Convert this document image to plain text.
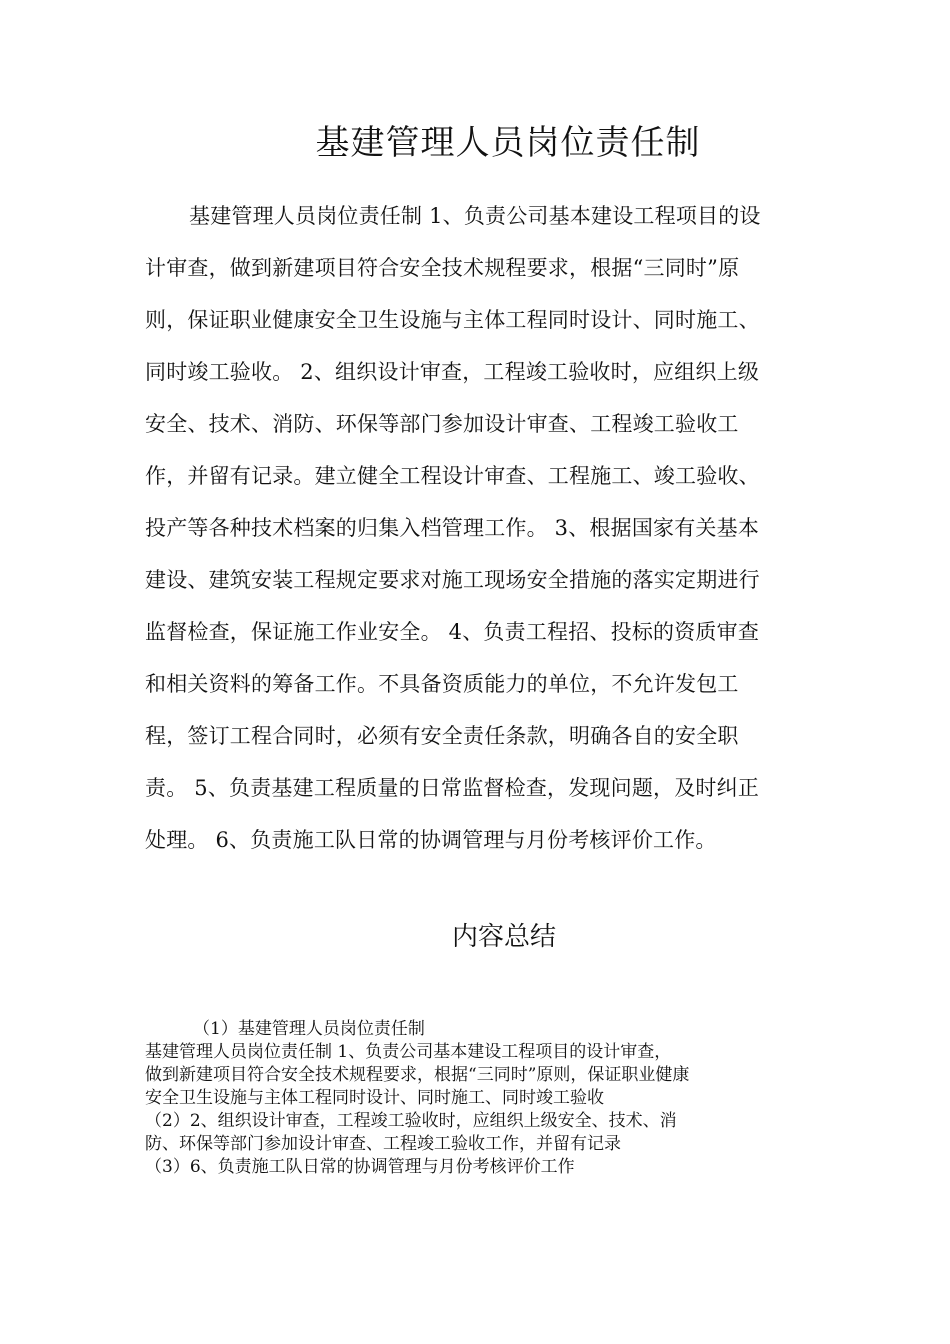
基建管理人员岗位责任制
基建管理人员岗位责任制 1、负责公司基本建设工程项目的设
计审查，做到新建项目符合安全技术规程要求，根据“三同时”原
则，保证职业健康安全卫生设施与主体工程同时设计、同时施工、
同时竣工验收。 2、组织设计审查，工程竣工验收时，应组织上级
安全、技术、消防、环保等部门参加设计审查、工程竣工验收工
作，并留有记录。建立健全工程设计审查、工程施工、竣工验收、
投产等各种技术档案的归集入档管理工作。 3、根据国家有关基本
建设、建筑安装工程规定要求对施工现场安全措施的落实定期进行
监督检查，保证施工作业安全。 4、负责工程招、投标的资质审查
和相关资料的筹备工作。不具备资质能力的单位，不允许发包工
程，签订工程合同时，必须有安全责任条款，明确各自的安全职
责。 5、负责基建工程质量的日常监督检查，发现问题，及时纠正
处理。 6、负责施工队日常的协调管理与月份考核评价工作。
内容总结
（1）基建管理人员岗位责任制
基建管理人员岗位责任制 1、负责公司基本建设工程项目的设计审查，
做到新建项目符合安全技术规程要求，根据“三同时”原则，保证职业健康
安全卫生设施与主体工程同时设计、同时施工、同时竣工验收
（2）2、组织设计审查，工程竣工验收时，应组织上级安全、技术、消
防、环保等部门参加设计审查、工程竣工验收工作，并留有记录
（3）6、负责施工队日常的协调管理与月份考核评价工作
